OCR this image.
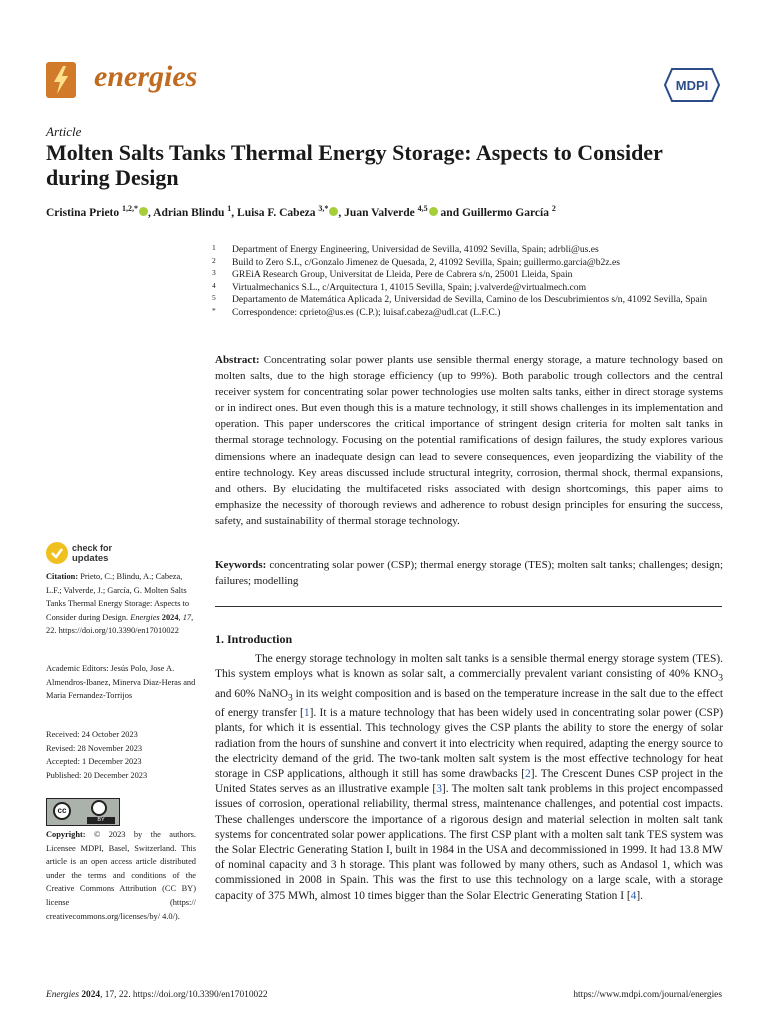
energies	MDPI
Article
Molten Salts Tanks Thermal Energy Storage: Aspects to Consider during Design
Cristina Prieto $^{1,2,*}$ , Adrian Blindu $^1$, Luisa F. Cabeza $^{3,*}$ , Juan Valverde $^{4,5}$ and Guillermo García $^2$
1 Department of Energy Engineering, Universidad de Sevilla, 41092 Sevilla, Spain; adrbli@us.es
2 Build to Zero S.L, c/Gonzalo Jimenez de Quesada, 2, 41092 Sevilla, Spain; guillermo.garcia@b2z.es
3 GREiA Research Group, Universitat de Lleida, Pere de Cabrera s/n, 25001 Lleida, Spain
4 Virtualmechanics S.L., c/Arquitectura 1, 41015 Sevilla, Spain; j.valverde@virtualmech.com
5 Departamento de Matemática Aplicada 2, Universidad de Sevilla, Camino de los Descubrimientos s/n, 41092 Sevilla, Spain
* Correspondence: cprieto@us.es (C.P.); luisaf.cabeza@udl.cat (L.F.C.)
Abstract: Concentrating solar power plants use sensible thermal energy storage, a mature technology based on molten salts, due to the high storage efficiency (up to 99%). Both parabolic trough collectors and the central receiver system for concentrating solar power technologies use molten salts tanks, either in direct storage systems or in indirect ones. But even though this is a mature technology, it still shows challenges in its implementation and operation. This paper underscores the critical importance of stringent design criteria for molten salt tanks in thermal storage technology. Focusing on the potential ramifications of design failures, the study explores various dimensions where an inadequate design can lead to severe consequences, even jeopardizing the viability of the entire technology. Key areas discussed include structural integrity, corrosion, thermal shock, thermal expansions, and others. By elucidating the multifaceted risks associated with design shortcomings, this paper aims to emphasize the necessity of thorough reviews and adherence to robust design principles for ensuring the success, safety, and sustainability of thermal storage technology.
Keywords: concentrating solar power (CSP); thermal energy storage (TES); molten salt tanks; challenges; design; failures; modelling
1. Introduction
The energy storage technology in molten salt tanks is a sensible thermal energy storage system (TES). This system employs what is known as solar salt, a commercially prevalent variant consisting of 40% $KNO_3$ and 60% NaNO$_3$ in its weight composition and is based on the temperature increase in the salt due to the effect of energy transfer [1]. It is a mature technology that has been widely used in concentrating solar power (CSP) plants, for which it is essential. This technology gives the CSP plants the ability to store the energy of solar radiation from the hours of sunshine and convert it into electricity when required, adapting the energy source to the electricity demand of the grid. The two-tank molten salt system is the most effective technology for heat storage in CSP applications, although it still has some drawbacks [2]. The Crescent Dunes CSP project in the United States serves as an illustrative example [3]. The molten salt tank problems in this project encompassed issues of corrosion, operational reliability, thermal stress, maintenance challenges, and potential cost impacts. These challenges underscore the importance of a rigorous design and material selection in molten salt tank systems for concentrated solar power applications. The first CSP plant with a molten salt tank TES system was the Solar Electric Generating Station I, built in 1984 in the USA and decommissioned in 1999. It had 13.8 MW of nominal capacity and 3 h storage. This plant was followed by many others, such as Andasol 1, which was commissioned in 2008 in Spain. This was the first to use this technology on a large scale, with a storage capacity of 375 MWh, almost 10 times bigger than the Solar Electric Generating Station I [4].
check for
updates
Citation: Prieto, C.; Blindu, A.; Cabeza, L.F.; Valverde, J.; García, G. Molten Salts Tanks Thermal Energy Storage: Aspects to Consider during Design. Energies 2024, 17, 22. https://doi.org/10.3390/en17010022
Academic Editors: Jesús Polo, Jose A. Almendros-Ibanez, Minerva Diaz-Heras and Maria Fernandez-Torrijos
Received: 24 October 2023
Revised: 28 November 2023
Accepted: 1 December 2023
Published: 20 December 2023
cc
BY
Copyright: © 2023 by the authors. Licensee MDPI, Basel, Switzerland. This article is an open access article distributed under the terms and conditions of the Creative Commons Attribution (CC BY) license (https:// creativecommons.org/licenses/by/ 4.0/).
Energies 2024, 17, 22. https://doi.org/10.3390/en17010022	https://www.mdpi.com/journal/energies
